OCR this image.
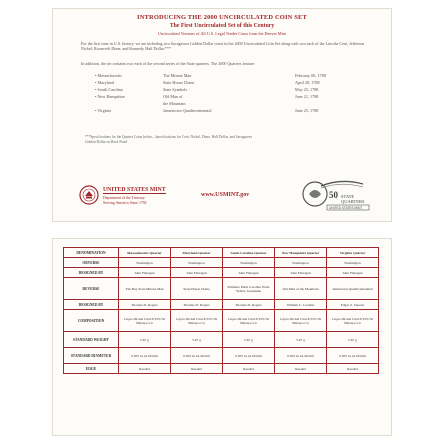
INTRODUCING THE 2000 UNCIRCULATED COIN SET
The First Uncirculated Set of this Century
Uncirculated Versions of All U.S. Legal Tender Coins from the Denver Mint
For the first time in U.S. history, we are including two Sacagawea Golden Dollar coins in the 2000 Uncirculated Coin Set along with two each of the Lincoln Cent, Jefferson Nickel, Roosevelt Dime, and Kennedy Half Dollar.***
In addition, the set contains two each of the second series of the State quarters. The 2000 Quarters feature:
• Massachusetts	The Minute Man	February 06, 1788
• Maryland	State House Dome	April 28, 1788
• South Carolina	State Symbols	May 23, 1788
• New Hampshire	Old Man of	June 21, 1788
the Mountain
• Virginia	Jamestown Quadricentennial	June 25, 1788
***Specifications for the Quarter Coins below—Specifications for Cent, Nickel, Dime, Half Dollar, and Sacagawea
Golden Dollar on Back Panel
UNITED STATES MINT
Department of the Treasury
Serving America Since 1792
www.USMINT.gov	50 STATE
QUARTERS
UNITED STATES MINT
DENOMINATION	Massachusetts Quarter	Maryland Quarter	South Carolina Quarter	New Hampshire Quarter	Virginia Quarter
OBVERSE	Washington	Washington	Washington	Washington	Washington
DESIGNED BY	John Flanagan	John Flanagan	John Flanagan	John Flanagan	John Flanagan
REVERSE	The Bay State Minute Man	State House Dome	Palmetto Palm Carolina Wren Yellow Jessamine	Old Man of the Mountain	Jamestown Quadricentennial
DESIGNED BY	Thomas D. Rogers	Thomas D. Rogers	Thomas D. Rogers	William C. Cousins	Edgar Z. Steever
COMPOSITION	Cupro-Nickel Clad 8.33% Ni Balance Cu	Cupro-Nickel Clad 8.33% Ni Balance Cu	Cupro-Nickel Clad 8.33% Ni Balance Cu	Cupro-Nickel Clad 8.33% Ni Balance Cu	Cupro-Nickel Clad 8.33% Ni Balance Cu
STANDARD WEIGHT	5.67 g	5.67 g	5.67 g	5.67 g	5.67 g
STANDARD DIAMETER	0.955 in 24.26 mm	0.955 in 24.26 mm	0.955 in 24.26 mm	0.955 in 24.26 mm	0.955 in 24.26 mm
EDGE	Reeded	Reeded	Reeded	Reeded	Reeded
